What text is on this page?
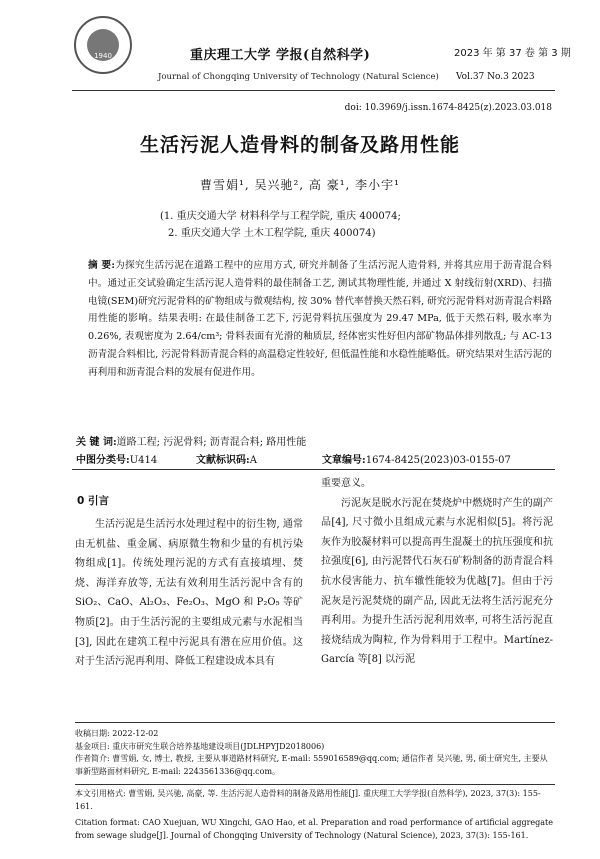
1940	重庆理工大学 学报(自然科学)
Journal of Chongqing University of Technology (Natural Science)
2023 年 第 37 卷 第 3 期
Vol.37 No.3 2023
doi: 10.3969/j.issn.1674-8425(z).2023.03.018
生活污泥人造骨料的制备及路用性能
曹雪娟¹, 吴兴驰², 高 豪¹, 李小宇¹
(1. 重庆交通大学 材料科学与工程学院, 重庆 400074;
2. 重庆交通大学 土木工程学院, 重庆 400074)
摘 要:为探究生活污泥在道路工程中的应用方式, 研究并制备了生活污泥人造骨料, 并将其应用于沥青混合料中。通过正交试验确定生活污泥人造骨料的最佳制备工艺, 测试其物理性能, 并通过 X 射线衍射(XRD)、扫描电镜(SEM)研究污泥骨料的矿物组成与微观结构, 按 30% 替代率替换天然石料, 研究污泥骨料对沥青混合料路用性能的影响。结果表明: 在最佳制备工艺下, 污泥骨料抗压强度为 29.47 MPa, 低于天然石料, 吸水率为 0.26%, 表观密度为 2.64/cm³; 骨料表面有光滑的釉质层, 经体密实性好但内部矿物晶体排列散乱; 与 AC-13 沥青混合料相比, 污泥骨料沥青混合料的高温稳定性较好, 但低温性能和水稳性能略低。研究结果对生活污泥的再利用和沥青混合料的发展有促进作用。
关 键 词:道路工程; 污泥骨料; 沥青混合料; 路用性能
中图分类号:U414	文献标识码:A	文章编号:1674-8425(2023)03-0155-07
0 引言
生活污泥是生活污水处理过程中的衍生物, 通常由无机盐、重金属、病原微生物和少量的有机污染物组成[1]。传统处理污泥的方式有直接填埋、焚烧、海洋弃放等, 无法有效利用生活污泥中含有的 SiO₂、CaO、Al₂O₃、Fe₂O₃、MgO 和 P₂O₅ 等矿物质[2]。由于生活污泥的主要组成元素与水泥相当[3], 因此在建筑工程中污泥具有潜在应用价值。这对于生活污泥再利用、降低工程建设成本具有
重要意义。
污泥灰是脱水污泥在焚烧炉中燃烧时产生的副产品[4], 尺寸微小且组成元素与水泥相似[5]。将污泥灰作为胶凝材料可以提高再生混凝土的抗压强度和抗拉强度[6], 由污泥替代石灰石矿粉制备的沥青混合料抗水侵害能力、抗车辙性能较为优越[7]。但由于污泥灰是污泥焚烧的副产品, 因此无法将生活污泥充分再利用。为提升生活污泥利用效率, 可将生活污泥直接烧结成为陶粒, 作为骨料用于工程中。Martínez-García 等[8] 以污泥
收稿日期: 2022-12-02
基金项目: 重庆市研究生联合培养基地建设项目(JDLHPYJD2018006)
作者简介: 曹雪娟, 女, 博士, 教授, 主要从事道路材料研究, E-mail: 559016589@qq.com; 通信作者 吴兴驰, 男, 硕士研究生, 主要从事新型路面材料研究, E-mail: 2243561336@qq.com。
本文引用格式: 曹雪娟, 吴兴驰, 高豪, 等. 生活污泥人造骨料的制备及路用性能[J]. 重庆理工大学学报(自然科学), 2023, 37(3): 155-161.
Citation format: CAO Xuejuan, WU Xingchi, GAO Hao, et al. Preparation and road performance of artificial aggregate from sewage sludge[J]. Journal of Chongqing University of Technology (Natural Science), 2023, 37(3): 155-161.
